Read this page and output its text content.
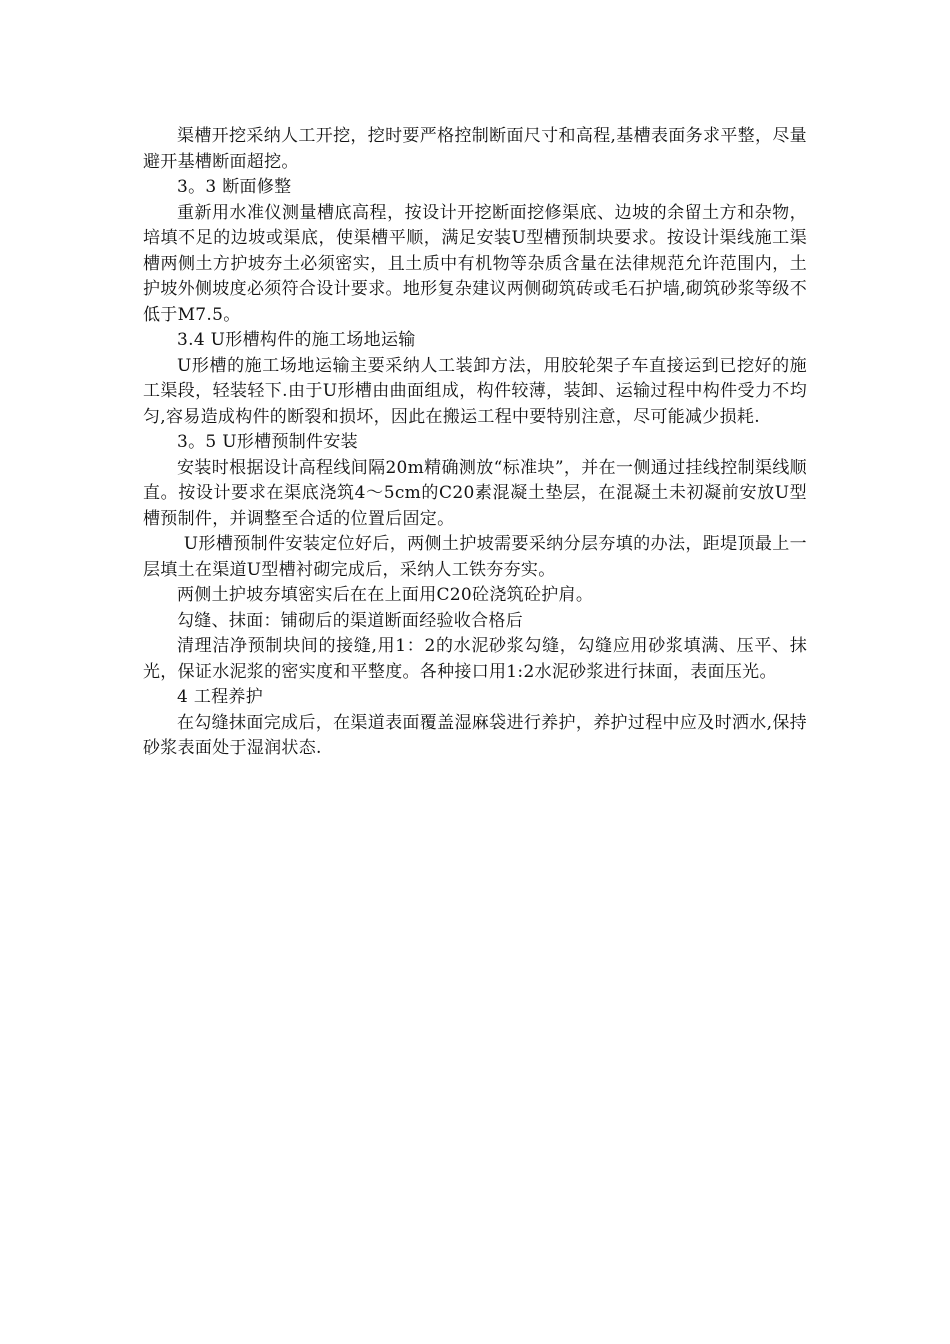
渠槽开挖采纳人工开挖，挖时要严格控制断面尺寸和高程,基槽表面务求平整，尽量避开基槽断面超挖。

3。3 断面修整

重新用水准仪测量槽底高程，按设计开挖断面挖修渠底、边坡的余留土方和杂物，培填不足的边坡或渠底，使渠槽平顺，满足安装U型槽预制块要求。按设计渠线施工渠槽两侧土方护坡夯土必须密实，且土质中有机物等杂质含量在法律规范允许范围内，土护坡外侧坡度必须符合设计要求。地形复杂建议两侧砌筑砖或毛石护墙,砌筑砂浆等级不低于M7.5。

3.4 U形槽构件的施工场地运输

U形槽的施工场地运输主要采纳人工装卸方法，用胶轮架子车直接运到已挖好的施工渠段，轻装轻下.由于U形槽由曲面组成，构件较薄，装卸、运输过程中构件受力不均匀,容易造成构件的断裂和损坏，因此在搬运工程中要特别注意，尽可能减少损耗.

3。5 U形槽预制件安装

安装时根据设计高程线间隔20m精确测放“标准块”，并在一侧通过挂线控制渠线顺直。按设计要求在渠底浇筑4～5cm的C20素混凝土垫层，在混凝土未初凝前安放U型槽预制件，并调整至合适的位置后固定。

U形槽预制件安装定位好后，两侧土护坡需要采纳分层夯填的办法，距堤顶最上一层填土在渠道U型槽衬砌完成后，采纳人工铁夯夯实。

两侧土护坡夯填密实后在在上面用C20砼浇筑砼护肩。

勾缝、抹面：铺砌后的渠道断面经验收合格后

清理洁净预制块间的接缝,用1：2的水泥砂浆勾缝，勾缝应用砂浆填满、压平、抹光，保证水泥浆的密实度和平整度。各种接口用1:2水泥砂浆进行抹面，表面压光。

4 工程养护

在勾缝抹面完成后，在渠道表面覆盖湿麻袋进行养护，养护过程中应及时洒水,保持砂浆表面处于湿润状态.
